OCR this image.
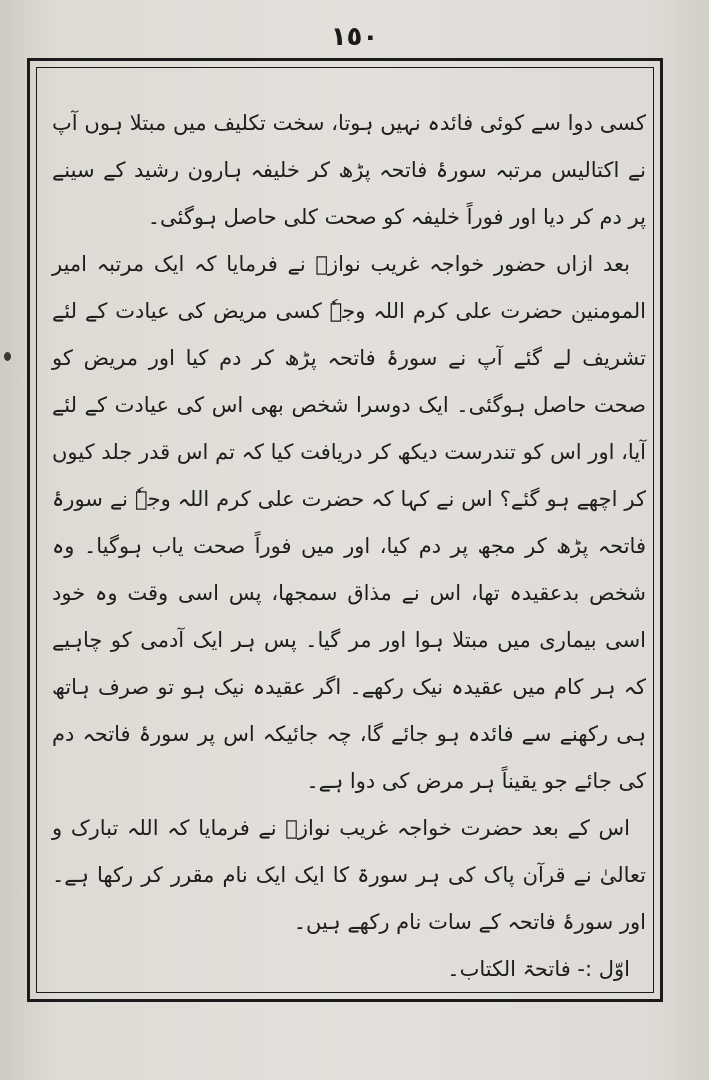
١٥٠

کسی دوا سے کوئی فائدہ نہیں ہوتا، سخت تکلیف میں مبتلا ہوں آپ نے اکتالیس مرتبہ سورۂ فاتحہ پڑھ کر خلیفہ ہارون رشید کے سینے پر دم کر دیا اور فوراً خلیفہ کو صحت کلی حاصل ہوگئی۔

بعد ازاں حضور خواجہ غریب نوازؒ نے فرمایا کہ ایک مرتبہ امیر المومنین حضرت علی کرم اللہ وجہٗ کسی مریض کی عیادت کے لئے تشریف لے گئے آپ نے سورۂ فاتحہ پڑھ کر دم کیا اور مریض کو صحت حاصل ہوگئی۔ ایک دوسرا شخص بھی اس کی عیادت کے لئے آیا، اور اس کو تندرست دیکھ کر دریافت کیا کہ تم اس قدر جلد کیوں کر اچھے ہو گئے؟ اس نے کہا کہ حضرت علی کرم اللہ وجہٗ نے سورۂ فاتحہ پڑھ کر مجھ پر دم کیا، اور میں فوراً صحت یاب ہوگیا۔ وہ شخص بدعقیدہ تھا، اس نے مذاق سمجھا، پس اسی وقت وہ خود اسی بیماری میں مبتلا ہوا اور مر گیا۔ پس ہر ایک آدمی کو چاہیے کہ ہر کام میں عقیدہ نیک رکھے۔ اگر عقیدہ نیک ہو تو صرف ہاتھ ہی رکھنے سے فائدہ ہو جائے گا، چہ جائیکہ اس پر سورۂ فاتحہ دم کی جائے جو یقیناً ہر مرض کی دوا ہے۔

اس کے بعد حضرت خواجہ غریب نوازؒ نے فرمایا کہ اللہ تبارک و تعالیٰ نے قرآن پاک کی ہر سورۃ کا ایک ایک نام مقرر کر رکھا ہے۔ اور سورۂ فاتحہ کے سات نام رکھے ہیں۔

اوّل :- فاتحۃ الکتاب۔
